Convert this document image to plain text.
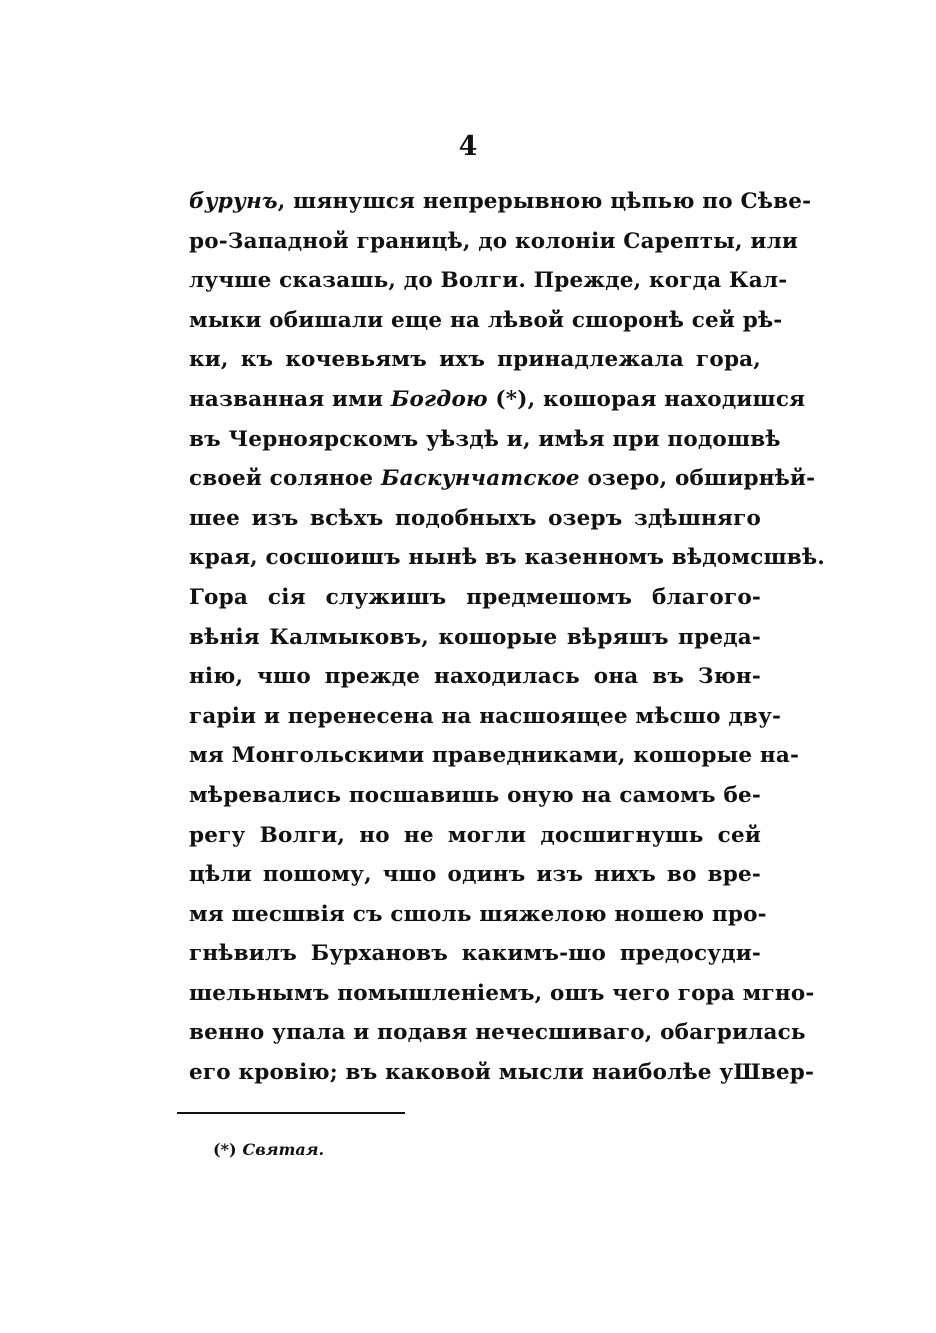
4
бурунъ, шянушся непрерывною цѣпью по Сѣве-
ро-Западной границѣ, до колоніи Сарепты, или
лучше сказашь, до Волги. Прежде, когда Кал-
мыки обишали еще на лѣвой сшоронѣ сей рѣ-
ки, къ кочевьямъ ихъ принадлежала гора,
названная ими Богдою (*), кошорая находишся
въ Черноярскомъ уѣздѣ и, имѣя при подошвѣ
своей соляное Баскунчатское озеро, обширнѣй-
шее изъ всѣхъ подобныхъ озеръ здѣшняго
края, сосшоишъ нынѣ въ казенномъ вѣдомсшвѣ.
Гора сія служишъ предмешомъ благого-
вѣнія Калмыковъ, кошорые вѣряшъ преда-
нію, чшо прежде находилась она въ Зюн-
гаріи и перенесена на насшоящее мѣсшо дву-
мя Монгольскими праведниками, кошорые на-
мѣревались посшавишь оную на самомъ бе-
регу Волги, но не могли досшигнушь сей
цѣли пошому, чшо одинъ изъ нихъ во вре-
мя шесшвія съ сшоль шяжелою ношею про-
гнѣвилъ Бурхановъ какимъ-шо предосуди-
шельнымъ помышленіемъ, ошъ чего гора мгно-
венно упала и подавя нечесшиваго, обагрилась
его кровію; въ каковой мысли наиболѣе уШвер-
(*) Святая.
